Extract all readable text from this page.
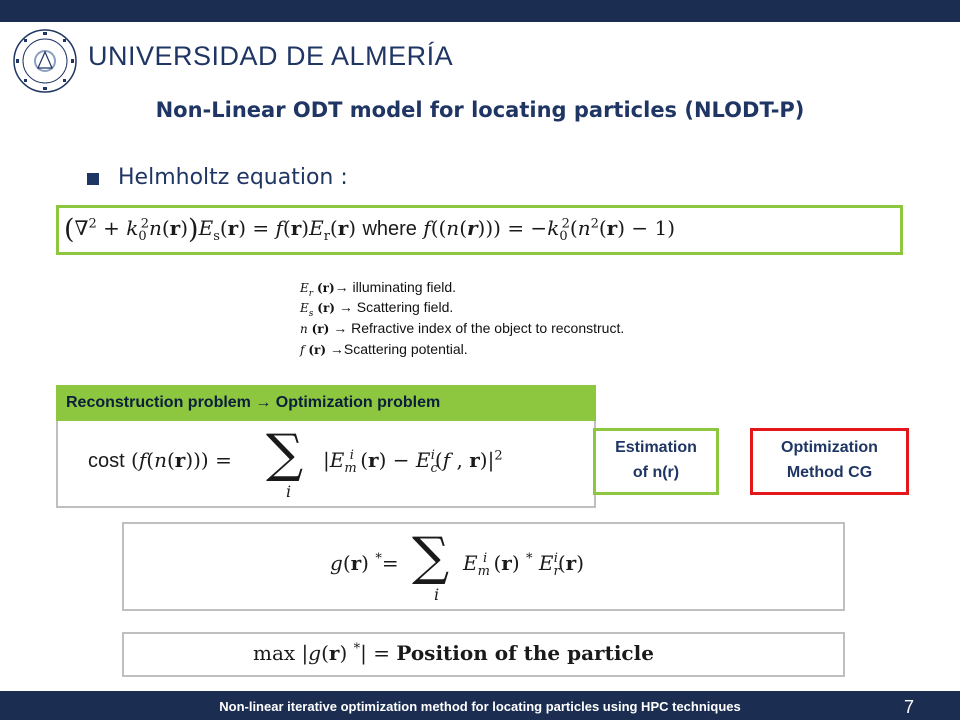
UNIVERSIDAD DE ALMERÍA
Non-Linear ODT model for locating particles (NLODT-P)
Helmholtz equation :
$(\nabla^2 + k_0^2n(r))E_s(r) = f(r)E_r(r)$ where $f((n(r))) = -k_0^2(n^2(r) - 1)$
$E_r$ (r)→ illuminating field.
$E_s$ (r) → Scattering field.
n (r) → Refractive index of the object to reconstruct.
f (r) →Scattering potential.
Reconstruction problem → Optimization problem
cost (f(n(r))) = ∑
i
$|E_m^i$ $(r) - E_c^i(f$ , $r)|^2$	Estimation
of n(r)
Optimization
Method CG
g(r) *= ∑
i
$E_m^i$ (r) * $E_r^i(r)$
max |g(r) *| = Position of the particle
Non-linear iterative optimization method for locating particles using HPC techniques	7
